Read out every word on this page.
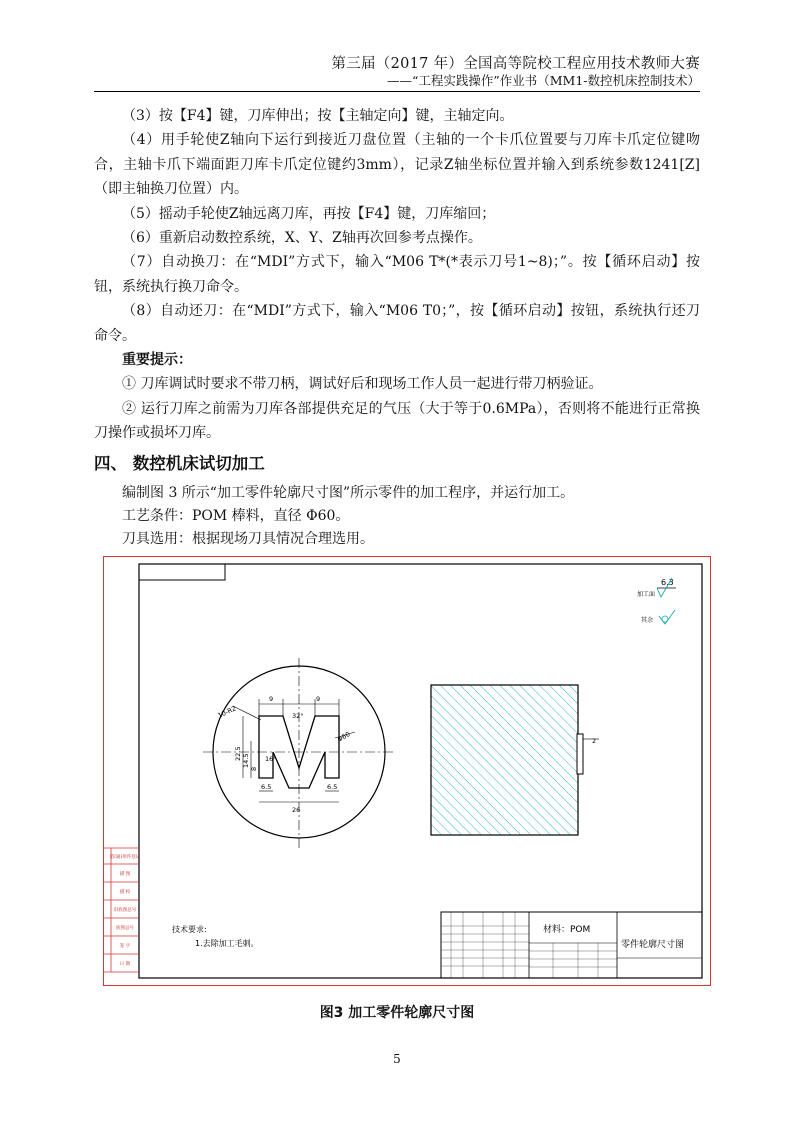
第三届（2017 年）全国高等院校工程应用技术教师大赛
——“工程实践操作”作业书（MM1-数控机床控制技术）

（3）按【F4】键，刀库伸出；按【主轴定向】键，主轴定向。

（4）用手轮使Z轴向下运行到接近刀盘位置（主轴的一个卡爪位置要与刀库卡爪定位键吻合，主轴卡爪下端面距刀库卡爪定位键约3mm），记录Z轴坐标位置并输入到系统参数1241[Z]（即主轴换刀位置）内。

（5）摇动手轮使Z轴远离刀库，再按【F4】键，刀库缩回；

（6）重新启动数控系统，X、Y、Z轴再次回参考点操作。

（7）自动换刀：在“MDI”方式下，输入“M06 T*(*表示刀号1~8)；”。按【循环启动】按钮，系统执行换刀命令。

（8）自动还刀：在“MDI”方式下，输入“M06 T0；”，按【循环启动】按钮，系统执行还刀命令。

重要提示：

① 刀库调试时要求不带刀柄，调试好后和现场工作人员一起进行带刀柄验证。

② 运行刀库之前需为刀库各部提供充足的气压（大于等于0.6MPa），否则将不能进行正常换刀操作或损坏刀库。

四、 数控机床试切加工

编制图 3 所示“加工零件轮廓尺寸图”所示零件的加工程序，并运行加工。

工艺条件：POM 棒料，直径 Φ60。

刀具选用：根据现场刀具情况合理选用。

借(通)用件登记
描 图
描 校
旧底图总号
底图总号
签 字
日 期
6.3
加工面
其余
9	9
32°
10-R2
Φ60
22.5 14.5
8
16°
6.5	6.5
26
2
技术要求:
1.去除加工毛刺。
材料：POM
零件轮廓尺寸图
图3 加工零件轮廓尺寸图
5
